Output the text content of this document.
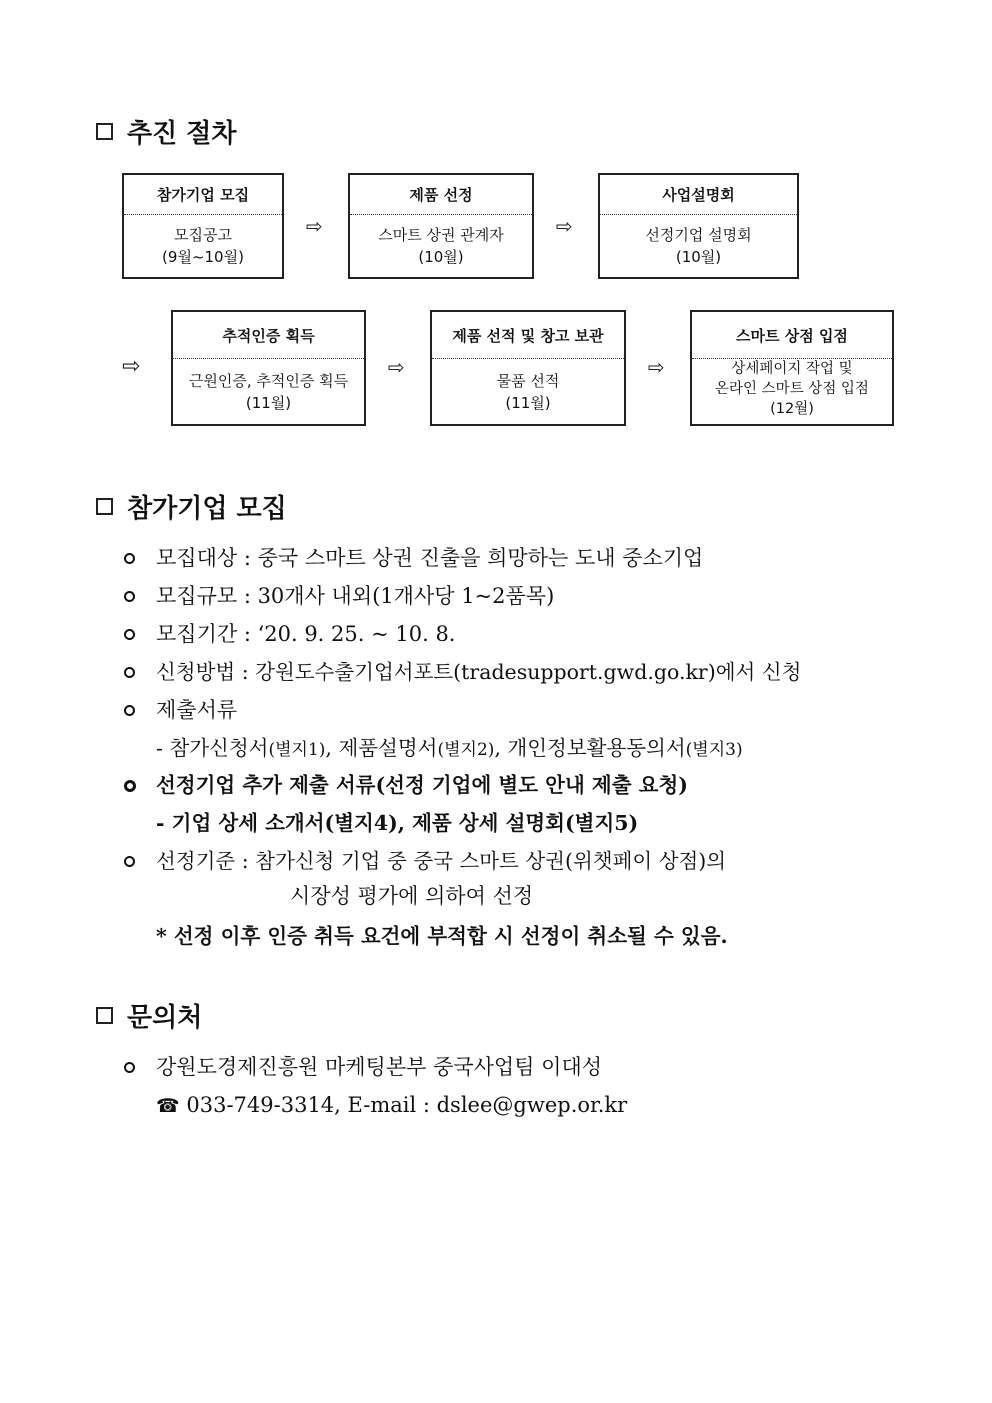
추진 절차
참가기업 모집
모집공고
(9월~10월)
⇨
제품 선정
스마트 상권 관계자
(10월)
⇨
사업설명회
선정기업 설명회
(10월)
⇨
추적인증 획득
근원인증, 추적인증 획득
(11월)
⇨
제품 선적 및 창고 보관
물품 선적
(11월)
⇨
스마트 상점 입점
상세페이지 작업 및
온라인 스마트 상점 입점
(12월)
참가기업 모집
모집대상 : 중국 스마트 상권 진출을 희망하는 도내 중소기업
모집규모 : 30개사 내외(1개사당 1~2품목)
모집기간 : ‘20. 9. 25. ~ 10. 8.
신청방법 : 강원도수출기업서포트(tradesupport.gwd.go.kr)에서 신청
제출서류
- 참가신청서(별지1), 제품설명서(별지2), 개인정보활용동의서(별지3)
선정기업 추가 제출 서류(선정 기업에 별도 안내 제출 요청)
- 기업 상세 소개서(별지4), 제품 상세 설명회(별지5)
선정기준 : 참가신청 기업 중 중국 스마트 상권(위챗페이 상점)의
시장성 평가에 의하여 선정
* 선정 이후 인증 취득 요건에 부적합 시 선정이 취소될 수 있음.
문의처
강원도경제진흥원 마케팅본부 중국사업팀 이대성
☎ 033-749-3314, E-mail : dslee@gwep.or.kr
